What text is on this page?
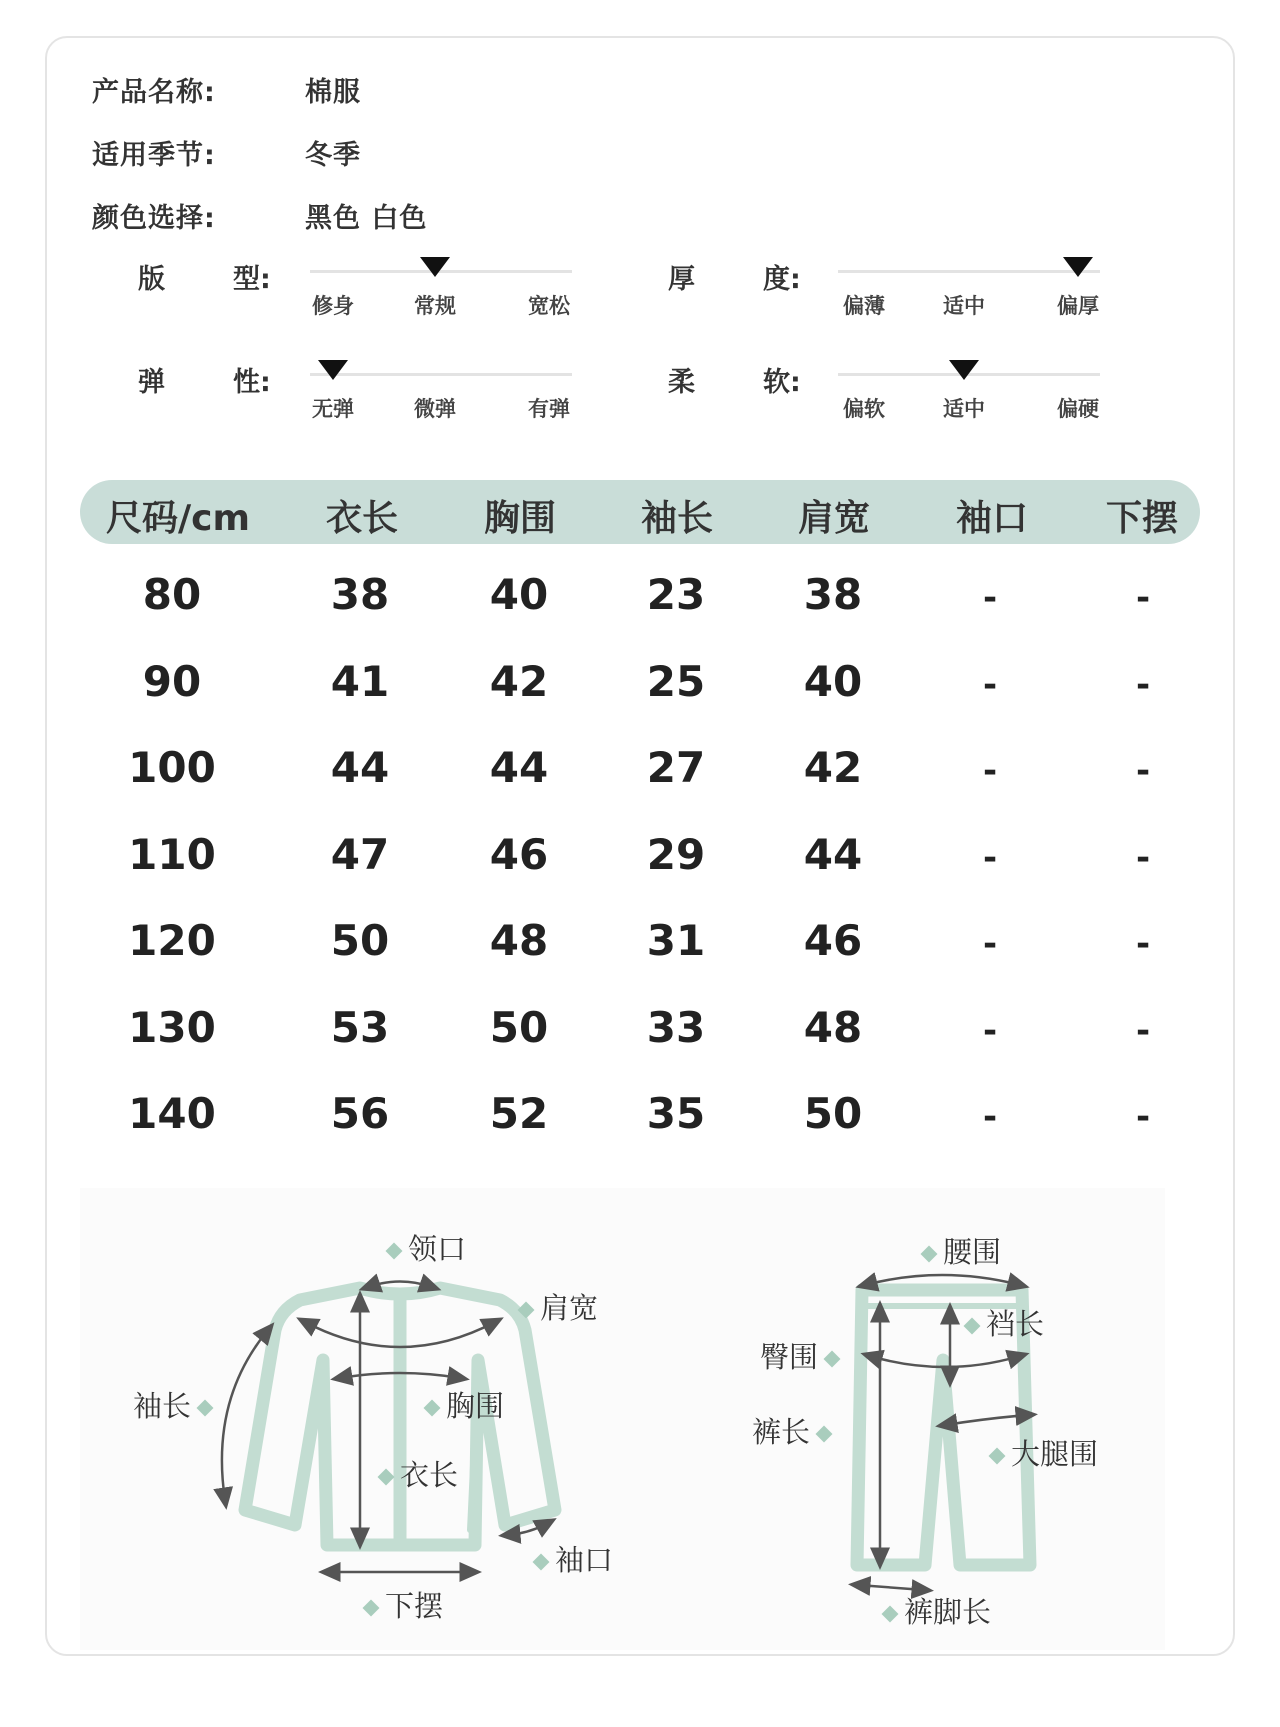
产品名称:	棉服
适用季节:	冬季
颜色选择:	黑色 白色
版	型:
修身	常规	宽松
厚	度:
偏薄	适中	偏厚
弹	性:
无弹	微弹	有弹
柔	软:
偏软	适中	偏硬
尺码/cm 衣长 胸围 袖长 肩宽 袖口 下摆
80	38 40 23 38	-	-
90	41 42 25 40	-	-
100	44 44 27 42	-	-
110	47 46 29 44	-	-
120	50 48 31 46	-	-
130	53 50 33 48	-	-
140	56 52 35 50	-	-
领口
肩宽
袖长	胸围
衣长
袖口
下摆
腰围
裆长
臀围
裤长
大腿围
裤脚长
